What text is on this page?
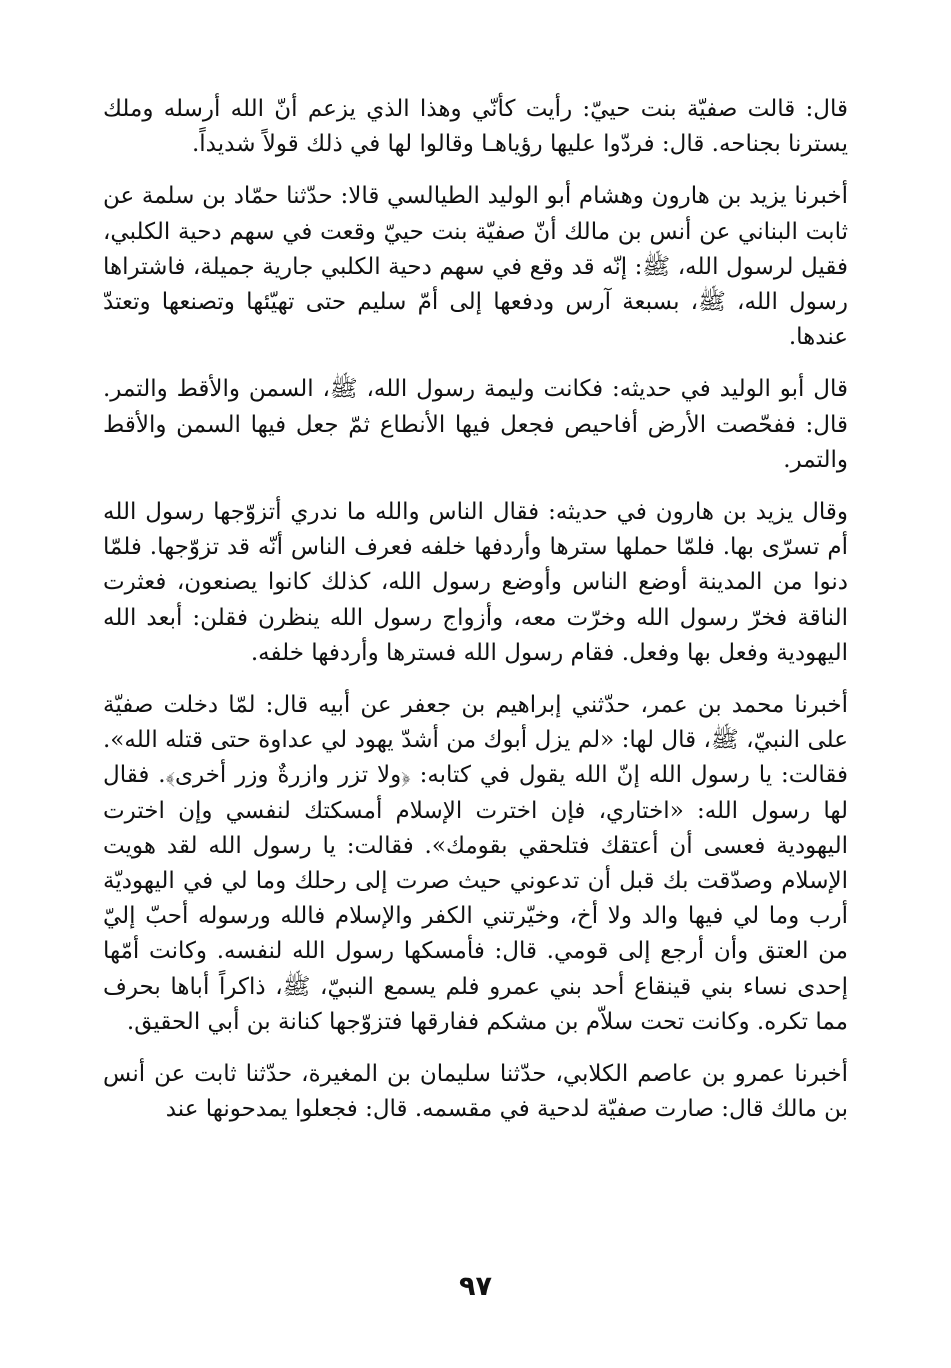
قال: قالت صفيّة بنت حييّ: رأيت كأنّي وهذا الذي يزعم أنّ الله أرسله وملك يسترنا بجناحه. قال: فردّوا عليها رؤياهـا وقالوا لها في ذلك قولاً شديداً.

أخبرنا يزيد بن هارون وهشام أبو الوليد الطيالسي قالا: حدّثنا حمّاد بن سلمة عن ثابت البناني عن أنس بن مالك أنّ صفيّة بنت حييّ وقعت في سهم دحية الكلبي، فقيل لرسول الله، ﷺ: إنّه قد وقع في سهم دحية الكلبي جارية جميلة، فاشتراها رسول الله، ﷺ، بسبعة آرس ودفعها إلى أمّ سليم حتى تهيّئها وتصنعها وتعتدّ عندها.

قال أبو الوليد في حديثه: فكانت وليمة رسول الله، ﷺ، السمن والأقط والتمر. قال: ففحّصت الأرض أفاحيص فجعل فيها الأنطاع ثمّ جعل فيها السمن والأقط والتمر.

وقال يزيد بن هارون في حديثه: فقال الناس والله ما ندري أتزوّجها رسول الله أم تسرّى بها. فلمّا حملها سترها وأردفها خلفه فعرف الناس أنّه قد تزوّجها. فلمّا دنوا من المدينة أوضع الناس وأوضع رسول الله، كذلك كانوا يصنعون، فعثرت الناقة فخرّ رسول الله وخرّت معه، وأزواج رسول الله ينظرن فقلن: أبعد الله اليهودية وفعل بها وفعل. فقام رسول الله فسترها وأردفها خلفه.

أخبرنا محمد بن عمر، حدّثني إبراهيم بن جعفر عن أبيه قال: لمّا دخلت صفيّة على النبيّ، ﷺ، قال لها: «لم يزل أبوك من أشدّ يهود لي عداوة حتى قتله الله». فقالت: يا رسول الله إنّ الله يقول في كتابه: ﴿ولا تزر وازرةٌ وزر أخرى﴾. فقال لها رسول الله: «اختاري، فإن اخترت الإسلام أمسكتك لنفسي وإن اخترت اليهودية فعسى أن أعتقك فتلحقي بقومك». فقالت: يا رسول الله لقد هويت الإسلام وصدّقت بك قبل أن تدعوني حيث صرت إلى رحلك وما لي في اليهوديّة أرب وما لي فيها والد ولا أخ، وخيّرتني الكفر والإسلام فالله ورسوله أحبّ إليّ من العتق وأن أرجع إلى قومي. قال: فأمسكها رسول الله لنفسه. وكانت أمّها إحدى نساء بني قينقاع أحد بني عمرو فلم يسمع النبيّ، ﷺ، ذاكراً أباها بحرف مما تكره. وكانت تحت سلاّم بن مشكم ففارقها فتزوّجها كنانة بن أبي الحقيق.

أخبرنا عمرو بن عاصم الكلابي، حدّثنا سليمان بن المغيرة، حدّثنا ثابت عن أنس بن مالك قال: صارت صفيّة لدحية في مقسمه. قال: فجعلوا يمدحونها عند

٩٧
